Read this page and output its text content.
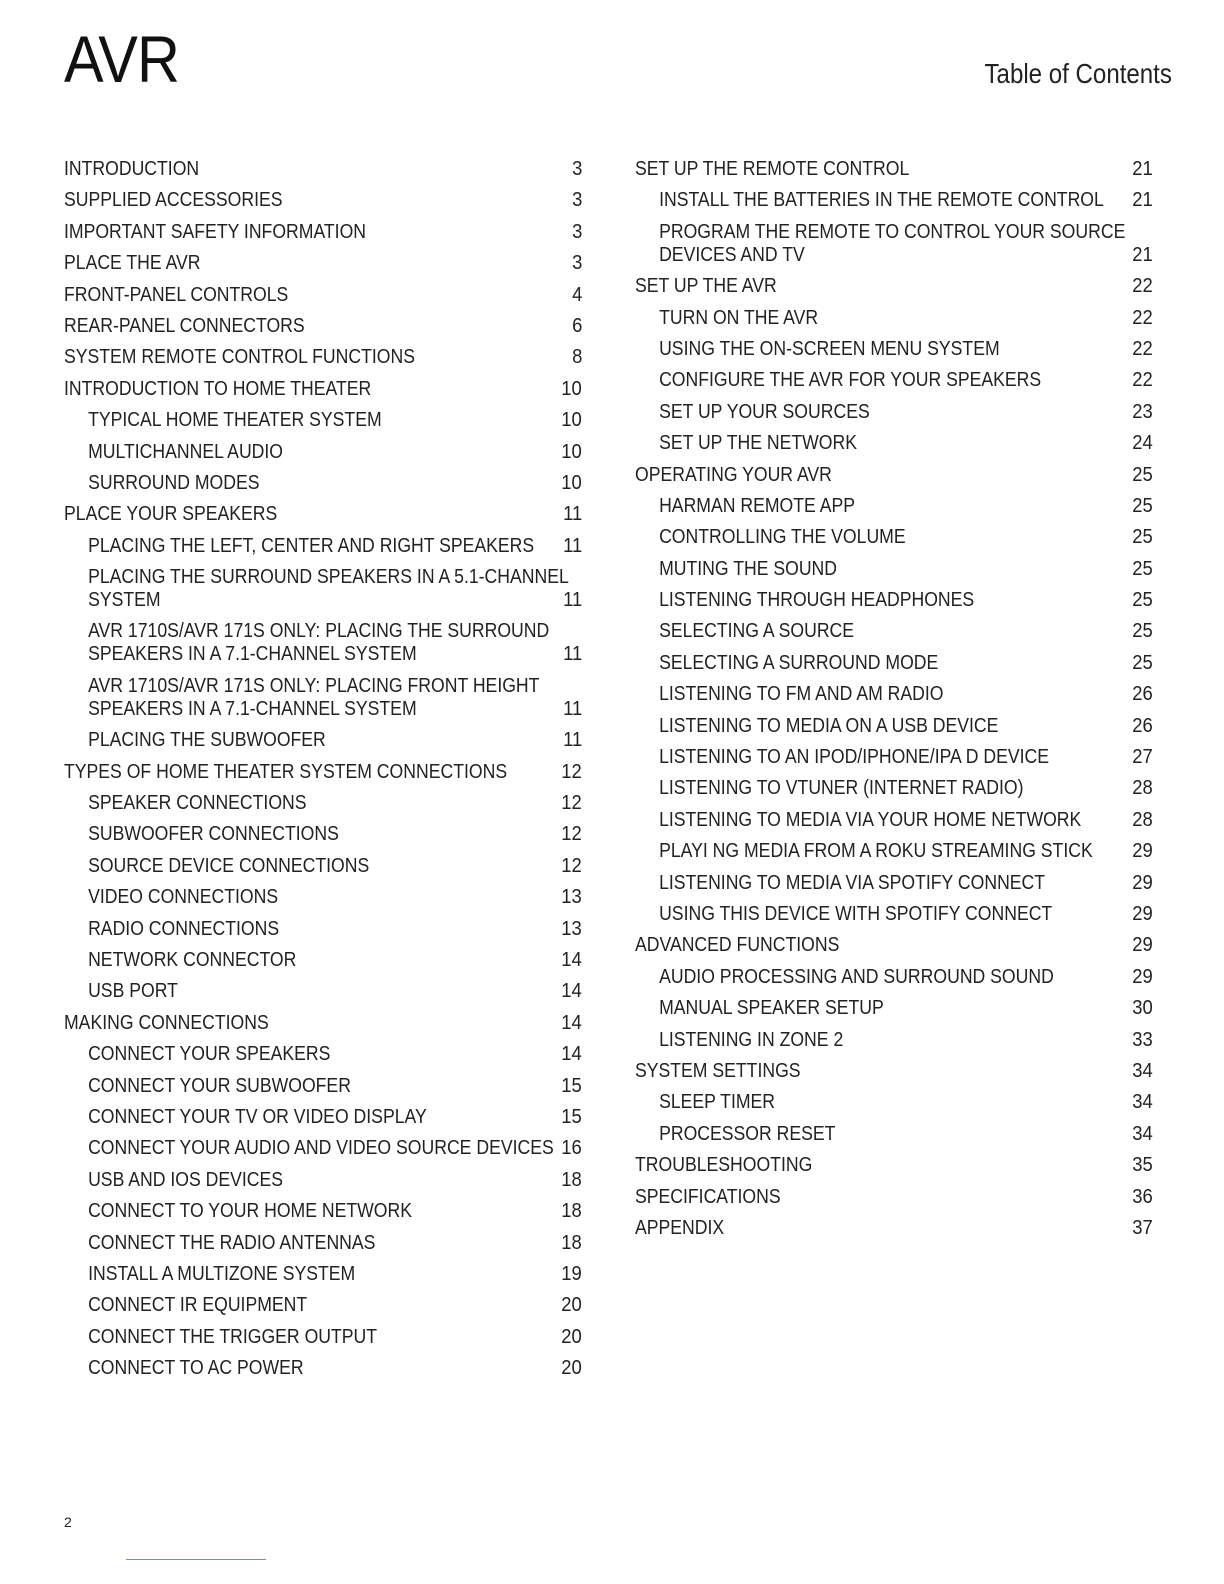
AVR	Table of Contents
INTRODUCTION	3
SUPPLIED ACCESSORIES	3
IMPORTANT SAFETY INFORMATION	3
PLACE THE AVR	3
FRONT-PANEL CONTROLS	4
REAR-PANEL CONNECTORS	6
SYSTEM REMOTE CONTROL FUNCTIONS	8
INTRODUCTION TO HOME THEATER	10
TYPICAL HOME THEATER SYSTEM	10
MULTICHANNEL AUDIO	10
SURROUND MODES	10
PLACE YOUR SPEAKERS	11
PLACING THE LEFT, CENTER AND RIGHT SPEAKERS 11
PLACING THE SURROUND SPEAKERS IN A 5.1-CHANNEL
SYSTEM	11
AVR 1710S/AVR 171S ONLY: PLACING THE SURROUND
SPEAKERS IN A 7.1-CHANNEL SYSTEM	11
AVR 1710S/AVR 171S ONLY: PLACING FRONT HEIGHT
SPEAKERS IN A 7.1-CHANNEL SYSTEM	11
PLACING THE SUBWOOFER	11
TYPES OF HOME THEATER SYSTEM CONNECTIONS	12
SPEAKER CONNECTIONS	12
SUBWOOFER CONNECTIONS	12
SOURCE DEVICE CONNECTIONS	12
VIDEO CONNECTIONS	13
RADIO CONNECTIONS	13
NETWORK CONNECTOR	14
USB PORT	14
MAKING CONNECTIONS	14
CONNECT YOUR SPEAKERS	14
CONNECT YOUR SUBWOOFER	15
CONNECT YOUR TV OR VIDEO DISPLAY	15
CONNECT YOUR AUDIO AND VIDEO SOURCE DEVICES 16
USB AND IOS DEVICES	18
CONNECT TO YOUR HOME NETWORK	18
CONNECT THE RADIO ANTENNAS	18
INSTALL A MULTIZONE SYSTEM	19
CONNECT IR EQUIPMENT	20
CONNECT THE TRIGGER OUTPUT	20
CONNECT TO AC POWER	20
SET UP THE REMOTE CONTROL	21
INSTALL THE BATTERIES IN THE REMOTE CONTROL 21
PROGRAM THE REMOTE TO CONTROL YOUR SOURCE
DEVICES AND TV	21
SET UP THE AVR	22
TURN ON THE AVR	22
USING THE ON-SCREEN MENU SYSTEM	22
CONFIGURE THE AVR FOR YOUR SPEAKERS	22
SET UP YOUR SOURCES	23
SET UP THE NETWORK	24
OPERATING YOUR AVR	25
HARMAN REMOTE APP	25
CONTROLLING THE VOLUME	25
MUTING THE SOUND	25
LISTENING THROUGH HEADPHONES	25
SELECTING A SOURCE	25
SELECTING A SURROUND MODE	25
LISTENING TO FM AND AM RADIO	26
LISTENING TO MEDIA ON A USB DEVICE	26
LISTENING TO AN IPOD/IPHONE/IPA D DEVICE	27
LISTENING TO VTUNER (INTERNET RADIO)	28
LISTENING TO MEDIA VIA YOUR HOME NETWORK 28
PLAYI NG MEDIA FROM A ROKU STREAMING STICK 29
LISTENING TO MEDIA VIA SPOTIFY CONNECT	29
USING THIS DEVICE WITH SPOTIFY CONNECT	29
ADVANCED FUNCTIONS	29
AUDIO PROCESSING AND SURROUND SOUND	29
MANUAL SPEAKER SETUP	30
LISTENING IN ZONE 2	33
SYSTEM SETTINGS	34
SLEEP TIMER	34
PROCESSOR RESET	34
TROUBLESHOOTING	35
SPECIFICATIONS	36
APPENDIX	37
2
